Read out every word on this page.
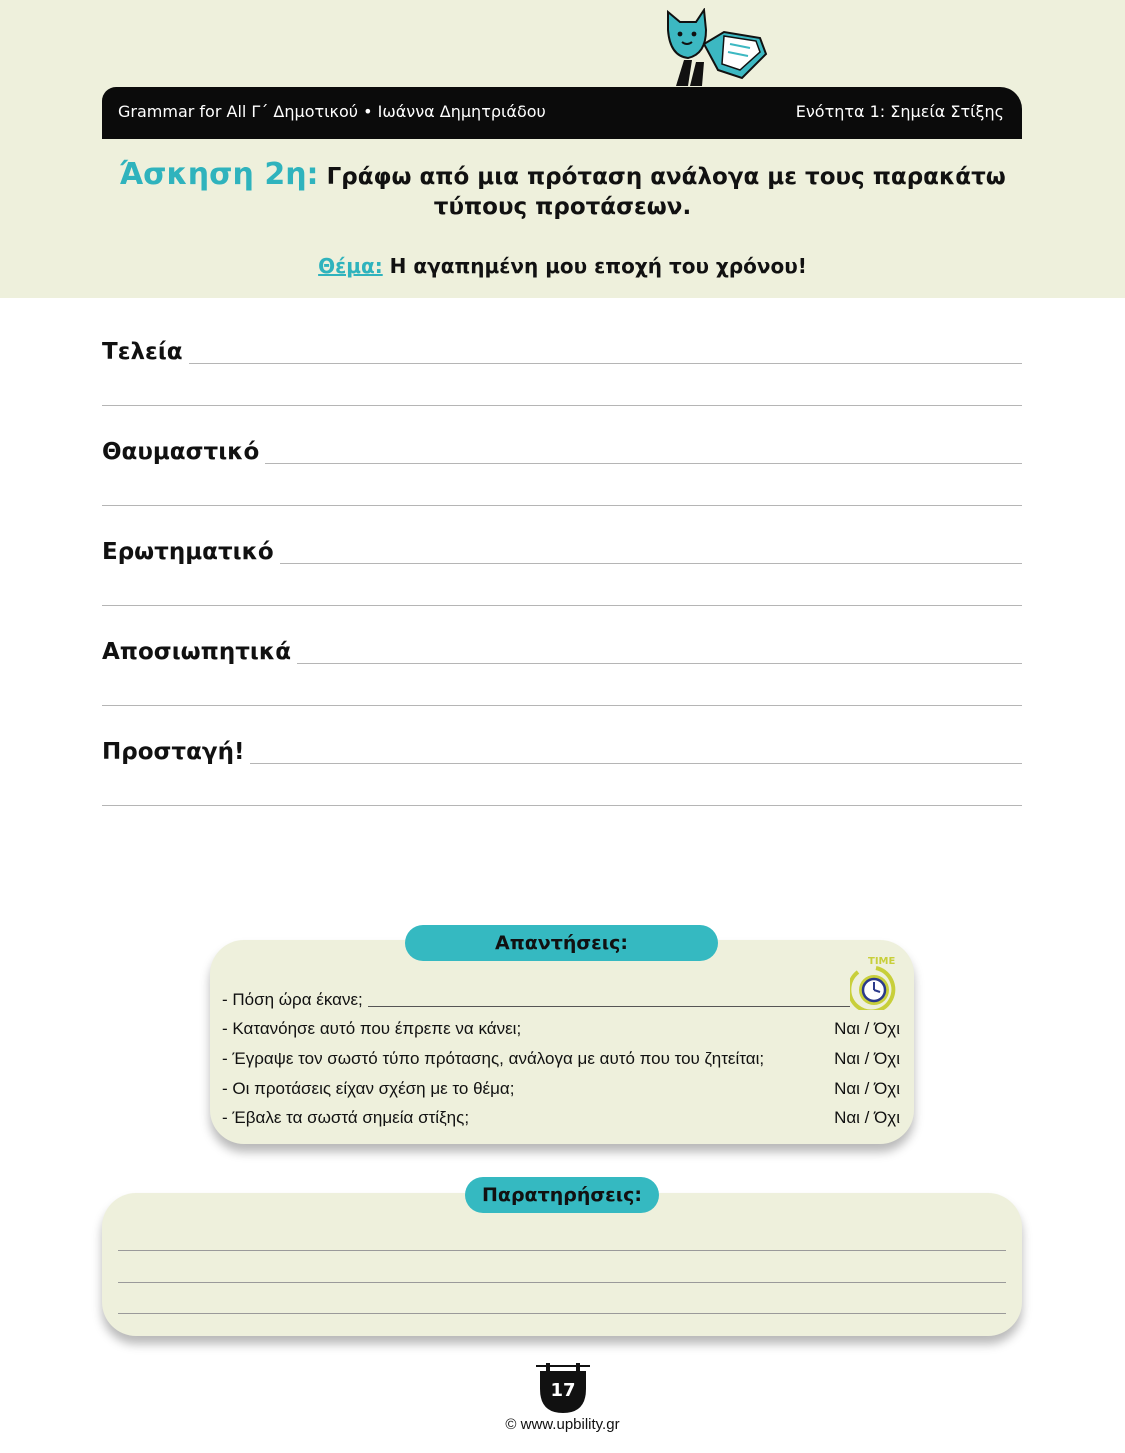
Grammar for All Γ΄ Δημοτικού • Ιωάννα Δημητριάδου	Ενότητα 1: Σημεία Στίξης
Άσκηση 2η: Γράφω από μια πρόταση ανάλογα με τους παρακάτω τύπους προτάσεων.
Θέμα: Η αγαπημένη μου εποχή του χρόνου!
Τελεία
Θαυμαστικό
Ερωτηματικό
Αποσιωπητικά
Προσταγή!
TIME
- Πόση ώρα έκανε;
- Κατανόησε αυτό που έπρεπε να κάνει;	Ναι / Όχι
- Έγραψε τον σωστό τύπο πρότασης, ανάλογα με αυτό που του ζητείται;	Ναι / Όχι
- Οι προτάσεις είχαν σχέση με το θέμα;	Ναι / Όχι
- Έβαλε τα σωστά σημεία στίξης;	Ναι / Όχι
Απαντήσεις:
Παρατηρήσεις:
17
© www.upbility.gr
